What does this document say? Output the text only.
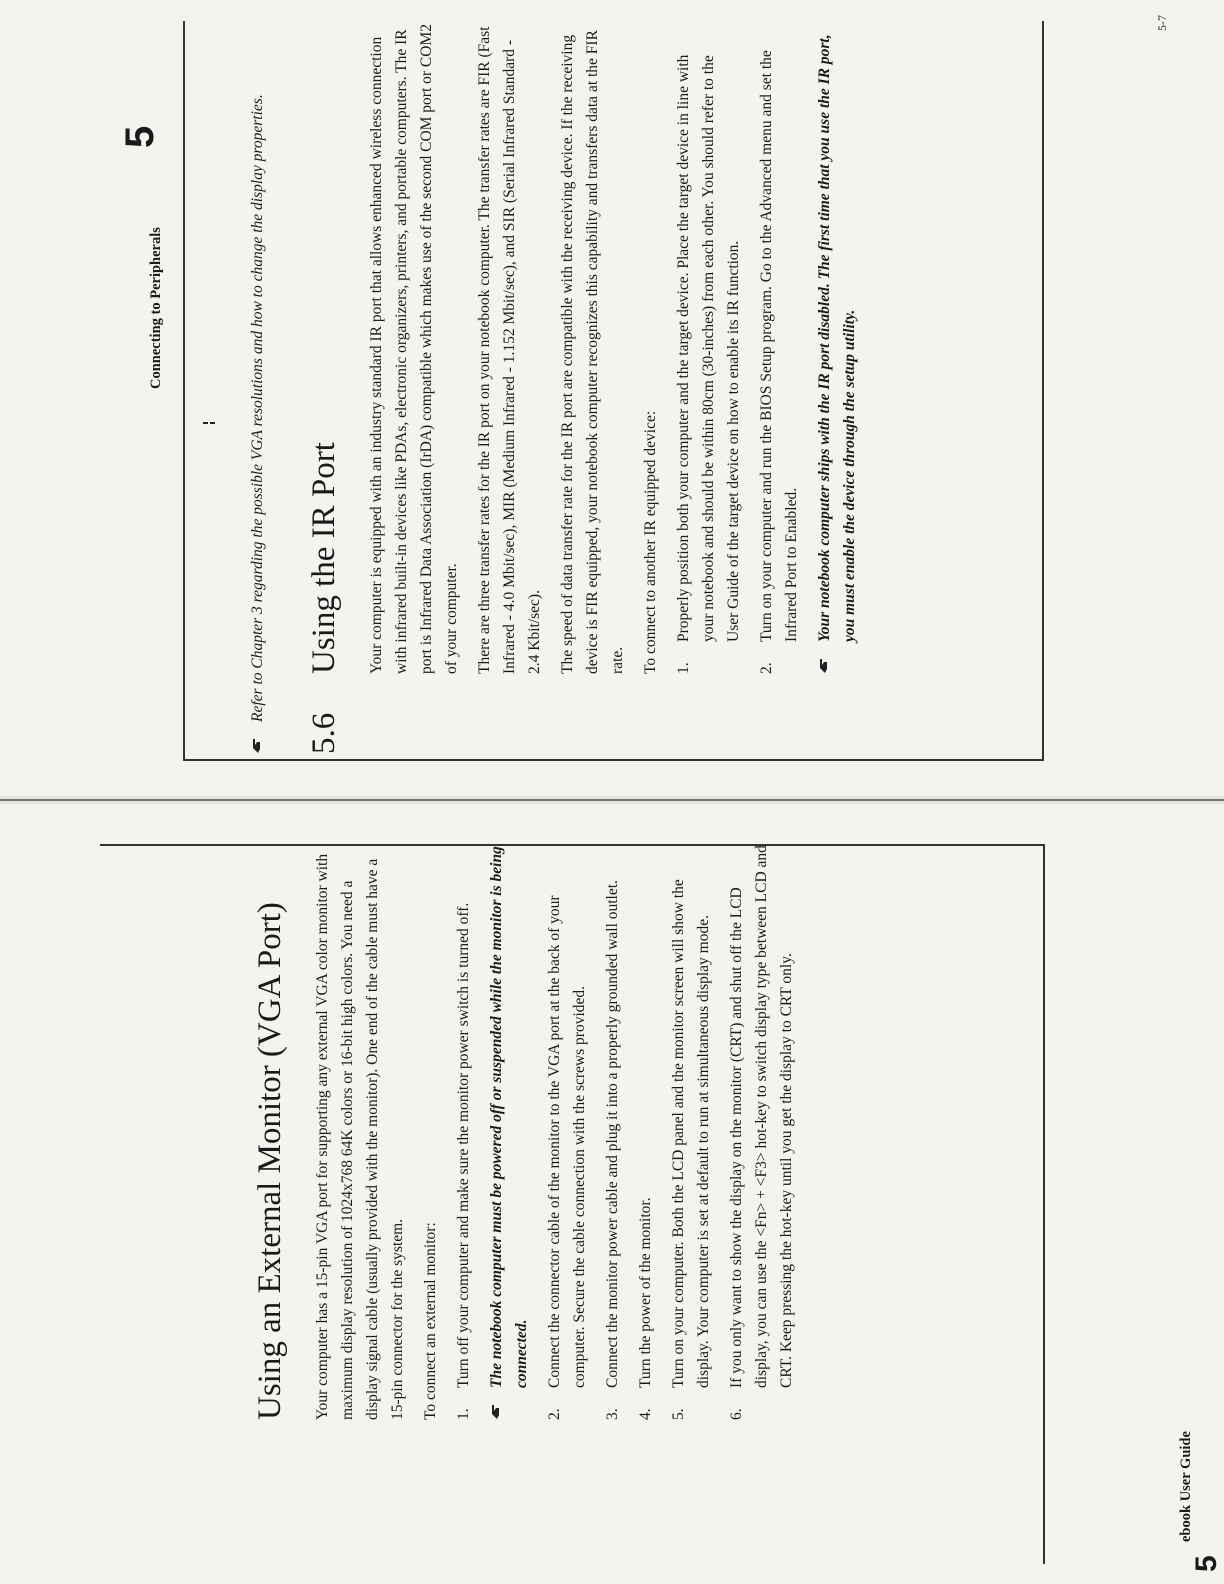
ebook User Guide
5
Using an External Monitor (VGA Port) Your computer has a 15-pin VGA port for supporting any external VGA color monitor with maximum display resolution of 1024x768 64K colors or 16-bit high colors. You need a display signal cable (usually provided with the monitor). One end of the cable must have a 15-pin connector for the system. To connect an external monitor: 1.
Turn off your computer and make sure the monitor power switch is turned off. The notebook computer must be powered off or suspended while the monitor is being connected.
2.
Connect the connector cable of the monitor to the VGA port at the back of your computer. Secure the cable connection with the screws provided.
3.
Connect the monitor power cable and plug it into a properly grounded wall outlet.
4.
Turn the power of the monitor.
5.
Turn on your computer. Both the LCD panel and the monitor screen will show the display. Your computer is set at default to run at simultaneous display mode.
6.
If you only want to show the display on the monitor (CRT) and shut off the LCD display, you can use the <Fn> + <F3> hot-key to switch display type between LCD and CRT. Keep pressing the hot-key until you get the display to CRT only.
Connecting to Peripherals
5	Refer to Chapter 3 regarding the possible VGA resolutions and how to change the display properties.
5.6Using the IR Port Your computer is equipped with an industry standard IR port that allows enhanced wireless connection with infrared built-in devices like PDAs, electronic organizers, printers, and portable computers. The IR port is Infrared Data Association (IrDA) compatible which makes use of the second COM port or COM2 of your computer. There are three transfer rates for the IR port on your notebook computer. The transfer rates are FIR (Fast Infrared - 4.0 Mbit/sec), MIR (Medium Infrared - 1.152 Mbit/sec), and SIR (Serial Infrared Standard - 2.4 Kbit/sec). The speed of data transfer rate for the IR port are compatible with the receiving device. If the receiving device is FIR equipped, your notebook computer recognizes this capability and transfers data at the FIR rate. To connect to another IR equipped device: 1.
Properly position both your computer and the target device. Place the target device in line with your notebook and should be within 80cm (30-inches) from each other. You should refer to the User Guide of the target device on how to enable its IR function.
2.
Turn on your computer and run the BIOS Setup program. Go to the Advanced menu and set the Infrared Port to Enabled. Your notebook computer ships with the IR port disabled. The first time that you use the IR port, you must enable the device through the setup utility.
5-7
